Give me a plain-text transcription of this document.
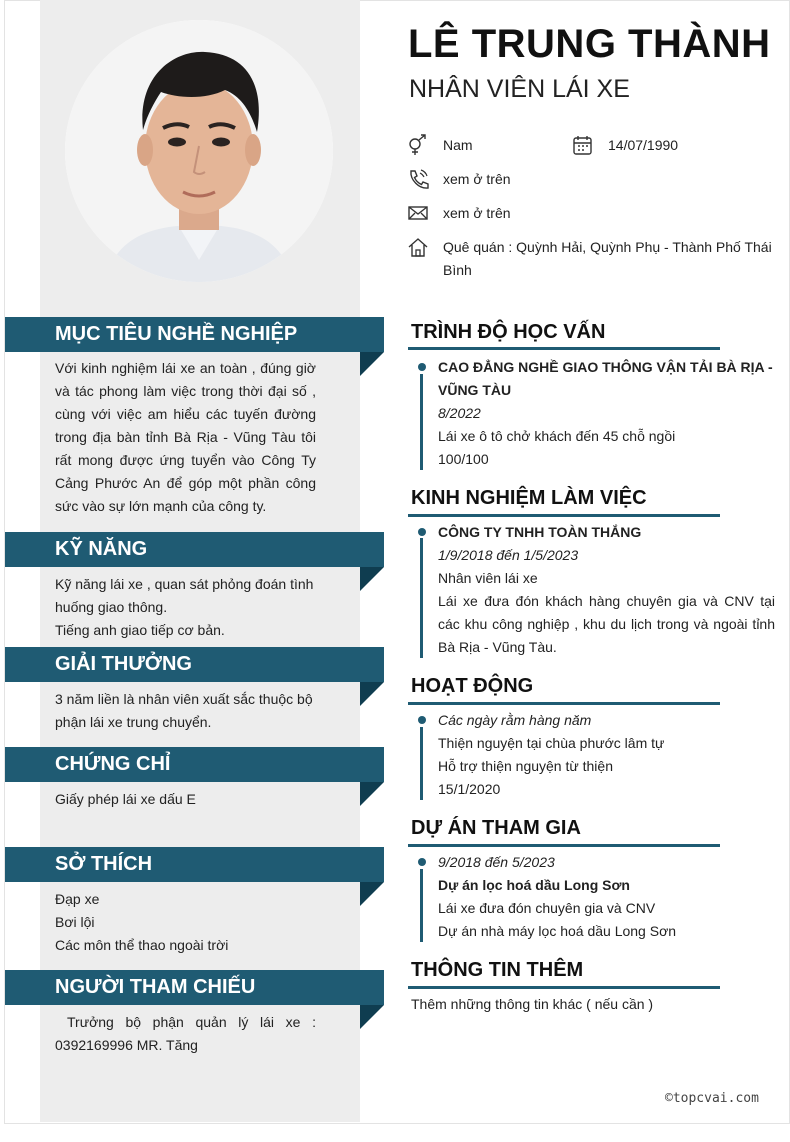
LÊ TRUNG THÀNH
NHÂN VIÊN LÁI XE
Nam	14/07/1990
xem ở trên
xem ở trên
Quê quán : Quỳnh Hải, Quỳnh Phụ - Thành Phố Thái
Bình
MỤC TIÊU NGHỀ NGHIỆP
Với kinh nghiệm lái xe an toàn , đúng giờ và tác phong làm việc trong thời đại số , cùng với việc am hiểu các tuyến đường trong địa bàn tỉnh Bà Rịa - Vũng Tàu tôi rất mong được ứng tuyển vào Công Ty Cảng Phước An để góp một phần công sức vào sự lớn mạnh của công ty.
KỸ NĂNG
Kỹ năng lái xe , quan sát phỏng đoán tình huống giao thông.
Tiếng anh giao tiếp cơ bản.
GIẢI THƯỞNG
3 năm liền là nhân viên xuất sắc thuộc bộ phận lái xe trung chuyển.
CHỨNG CHỈ
Giấy phép lái xe dấu E
SỞ THÍCH
Đạp xe
Bơi lội
Các môn thể thao ngoài trời
NGƯỜI THAM CHIẾU
Trưởng bộ phận quản lý lái xe : 0392169996 MR. Tăng
TRÌNH ĐỘ HỌC VẤN
CAO ĐẲNG NGHỀ GIAO THÔNG VẬN TẢI BÀ RỊA -
VŨNG TÀU
8/2022
Lái xe ô tô chở khách đến 45 chỗ ngồi
100/100
KINH NGHIỆM LÀM VIỆC
CÔNG TY TNHH TOÀN THẮNG
1/9/2018 đến 1/5/2023
Nhân viên lái xe
Lái xe đưa đón khách hàng chuyên gia và CNV tại các khu công nghiệp , khu du lịch trong và ngoài tỉnh Bà Rịa - Vũng Tàu.
HOẠT ĐỘNG
Các ngày rằm hàng năm
Thiện nguyện tại chùa phước lâm tự
Hỗ trợ thiện nguyện từ thiện
15/1/2020
DỰ ÁN THAM GIA
9/2018 đến 5/2023
Dự án lọc hoá dầu Long Sơn
Lái xe đưa đón chuyên gia và CNV
Dự án nhà máy lọc hoá dầu Long Sơn
THÔNG TIN THÊM
Thêm những thông tin khác ( nếu cần )
©topcvai.com
